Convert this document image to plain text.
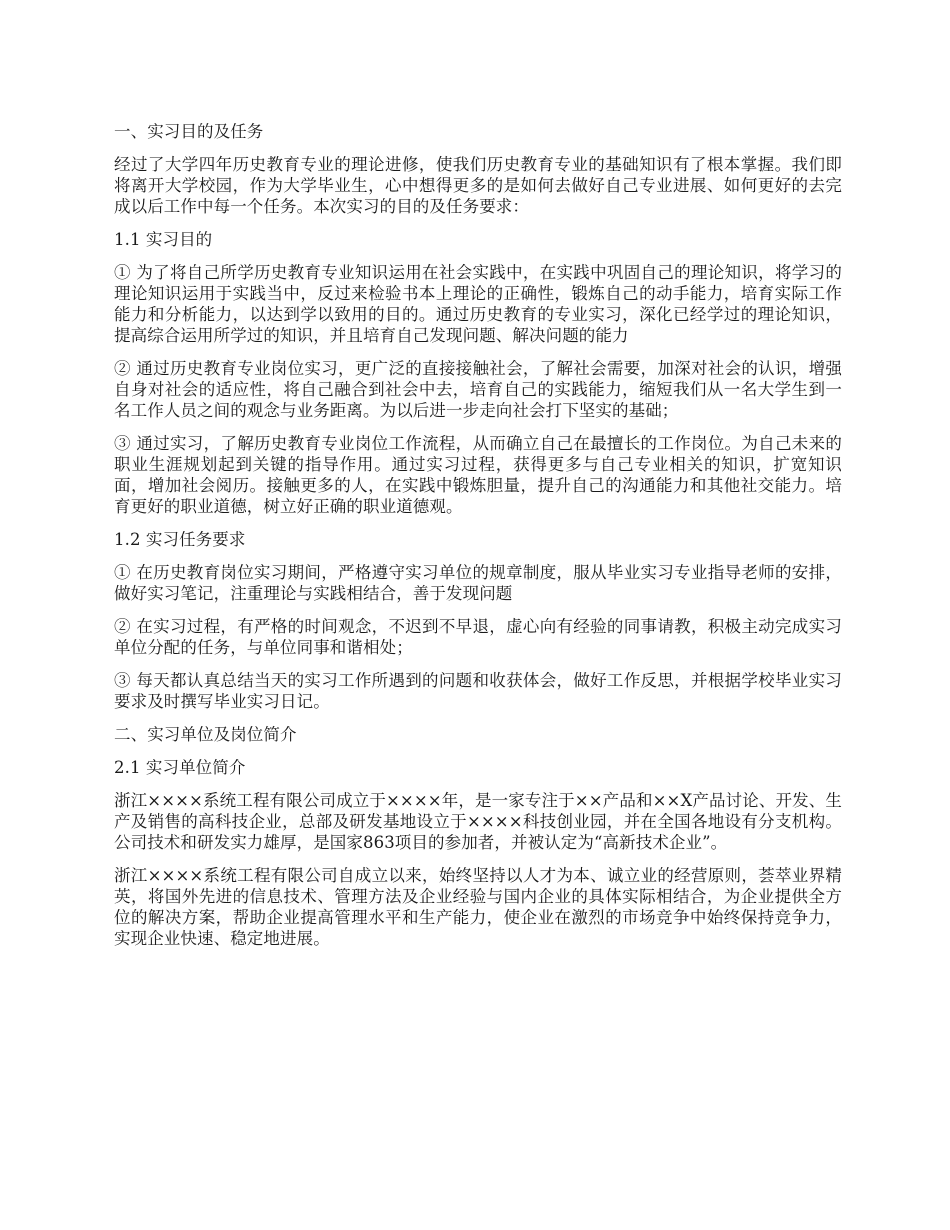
一、实习目的及任务

经过了大学四年历史教育专业的理论进修，使我们历史教育专业的基础知识有了根本掌握。我们即将离开大学校园，作为大学毕业生，心中想得更多的是如何去做好自己专业进展、如何更好的去完成以后工作中每一个任务。本次实习的目的及任务要求：

1.1 实习目的

① 为了将自己所学历史教育专业知识运用在社会实践中，在实践中巩固自己的理论知识，将学习的理论知识运用于实践当中，反过来检验书本上理论的正确性，锻炼自己的动手能力，培育实际工作能力和分析能力，以达到学以致用的目的。通过历史教育的专业实习，深化已经学过的理论知识，提高综合运用所学过的知识，并且培育自己发现问题、解决问题的能力

② 通过历史教育专业岗位实习，更广泛的直接接触社会，了解社会需要，加深对社会的认识，增强自身对社会的适应性，将自己融合到社会中去，培育自己的实践能力，缩短我们从一名大学生到一名工作人员之间的观念与业务距离。为以后进一步走向社会打下坚实的基础；

③ 通过实习，了解历史教育专业岗位工作流程，从而确立自己在最擅长的工作岗位。为自己未来的职业生涯规划起到关键的指导作用。通过实习过程，获得更多与自己专业相关的知识，扩宽知识面，增加社会阅历。接触更多的人，在实践中锻炼胆量，提升自己的沟通能力和其他社交能力。培育更好的职业道德，树立好正确的职业道德观。

1.2 实习任务要求

① 在历史教育岗位实习期间，严格遵守实习单位的规章制度，服从毕业实习专业指导老师的安排，做好实习笔记，注重理论与实践相结合，善于发现问题

② 在实习过程，有严格的时间观念，不迟到不早退，虚心向有经验的同事请教，积极主动完成实习单位分配的任务，与单位同事和谐相处；

③ 每天都认真总结当天的实习工作所遇到的问题和收获体会，做好工作反思，并根据学校毕业实习要求及时撰写毕业实习日记。

二、实习单位及岗位简介
2.1 实习单位简介

浙江××××系统工程有限公司成立于××××年，是一家专注于××产品和××X产品讨论、开发、生产及销售的高科技企业，总部及研发基地设立于××××科技创业园，并在全国各地设有分支机构。公司技术和研发实力雄厚，是国家863项目的参加者，并被认定为“高新技术企业”。

浙江××××系统工程有限公司自成立以来，始终坚持以人才为本、诚立业的经营原则，荟萃业界精英，将国外先进的信息技术、管理方法及企业经验与国内企业的具体实际相结合，为企业提供全方位的解决方案，帮助企业提高管理水平和生产能力，使企业在激烈的市场竞争中始终保持竞争力，实现企业快速、稳定地进展。
